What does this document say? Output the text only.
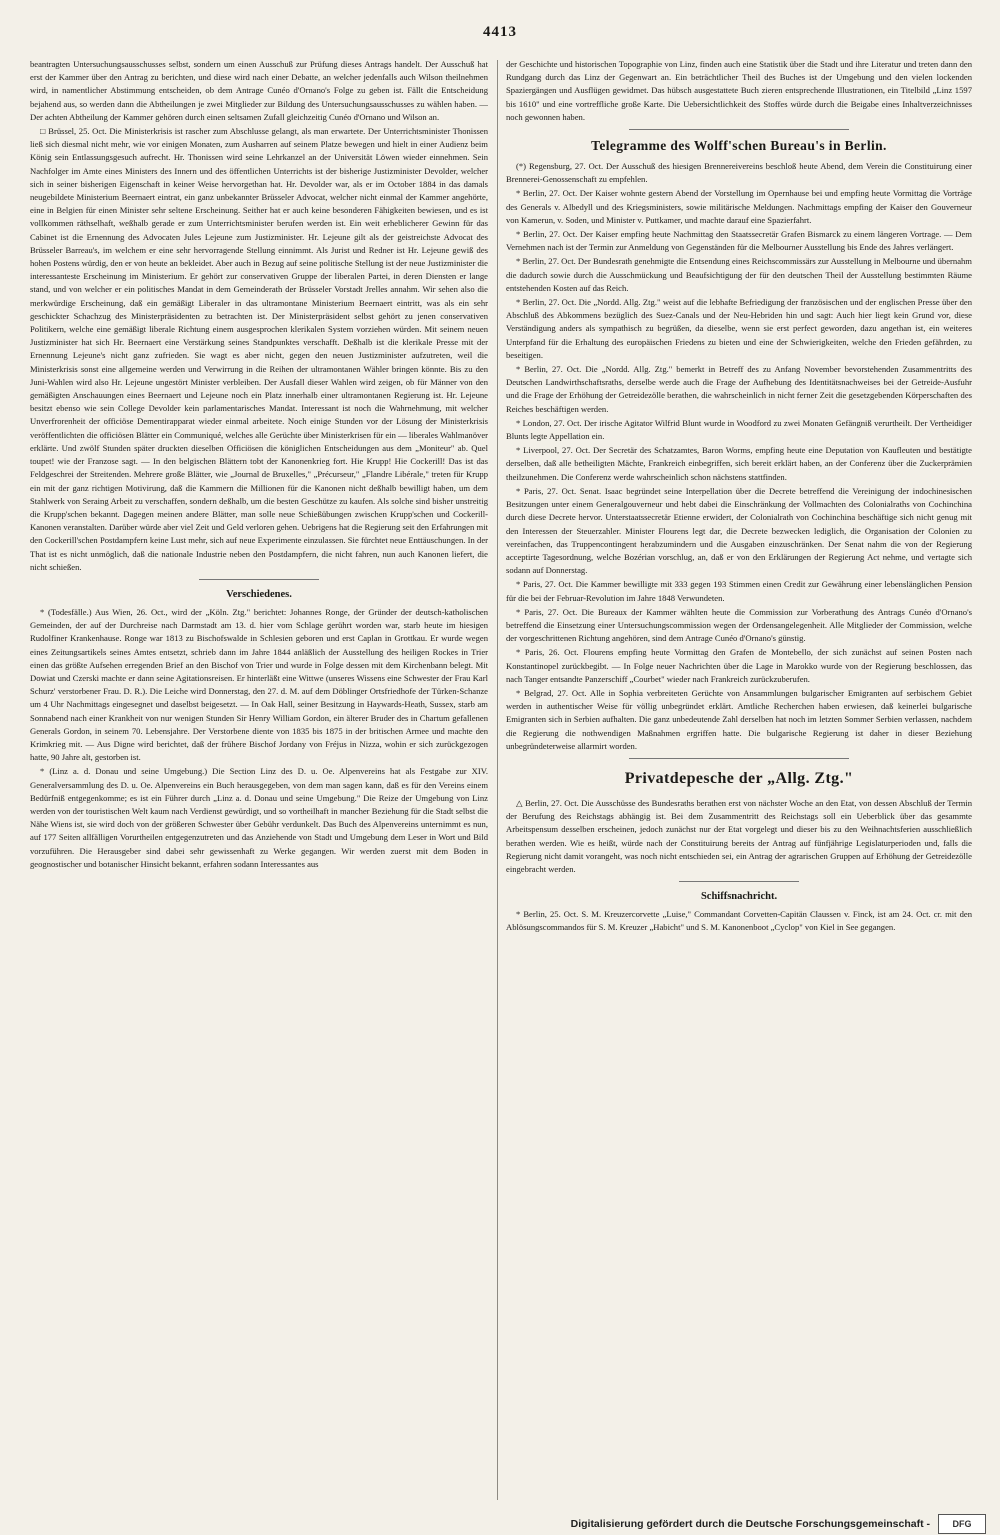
4413

beantragten Untersuchungsausschusses selbst, sondern um einen Ausschuß zur Prüfung dieses Antrags handelt. Der Ausschuß hat erst der Kammer über den Antrag zu berichten, und diese wird nach einer Debatte, an welcher jedenfalls auch Wilson theilnehmen wird, in namentlicher Abstimmung entscheiden, ob dem Antrage Cunéo d'Ornano's Folge zu geben ist. Fällt die Entscheidung bejahend aus, so werden dann die Abtheilungen je zwei Mitglieder zur Bildung des Untersuchungsausschusses zu wählen haben. — Der achten Abtheilung der Kammer gehören durch einen seltsamen Zufall gleichzeitig Cunéo d'Ornano und Wilson an.

□ Brüssel, 25. Oct. Die Ministerkrisis ist rascher zum Abschlusse gelangt, als man erwartete. Der Unterrichtsminister Thonissen ließ sich diesmal nicht mehr, wie vor einigen Monaten, zum Ausharren auf seinem Platze bewegen und hielt in einer Audienz beim König sein Entlassungsgesuch aufrecht. Hr. Thonissen wird seine Lehrkanzel an der Universität Löwen wieder einnehmen. Sein Nachfolger im Amte eines Ministers des Innern und des öffentlichen Unterrichts ist der bisherige Justizminister Devolder, welcher sich in seiner bisherigen Eigenschaft in keiner Weise hervorgethan hat. Hr. Devolder war, als er im October 1884 in das damals neugebildete Ministerium Beernaert eintrat, ein ganz unbekannter Brüsseler Advocat, welcher nicht einmal der Kammer angehörte, eine in Belgien für einen Minister sehr seltene Erscheinung. Seither hat er auch keine besonderen Fähigkeiten bewiesen, und es ist vollkommen räthselhaft, weßhalb gerade er zum Unterrichtsminister berufen werden ist. Ein weit erheblicherer Gewinn für das Cabinet ist die Ernennung des Advocaten Jules Lejeune zum Justizminister. Hr. Lejeune gilt als der geistreichste Advocat des Brüsseler Barreau's, im welchem er eine sehr hervorragende Stellung einnimmt. Als Jurist und Redner ist Hr. Lejeune gewiß des hohen Postens würdig, den er von heute an bekleidet. Aber auch in Bezug auf seine politische Stellung ist der neue Justizminister die interessanteste Erscheinung im Ministerium. Er gehört zur conservativen Gruppe der liberalen Partei, in deren Diensten er lange stand, und von welcher er ein politisches Mandat in dem Gemeinderath der Brüsseler Vorstadt Jrelles annahm. Wir sehen also die merkwürdige Erscheinung, daß ein gemäßigt Liberaler in das ultramontane Ministerium Beernaert eintritt, was als ein sehr geschickter Schachzug des Ministerpräsidenten zu betrachten ist. Der Ministerpräsident selbst gehört zu jenen conservativen Politikern, welche eine gemäßigt liberale Richtung einem ausgesprochen klerikalen System vorziehen würden. Mit seinem neuen Justizminister hat sich Hr. Beernaert eine Verstärkung seines Standpunktes verschafft. Deßhalb ist die klerikale Presse mit der Ernennung Lejeune's nicht ganz zufrieden. Sie wagt es aber nicht, gegen den neuen Justizminister aufzutreten, weil die Ministerkrisis sonst eine allgemeine werden und Verwirrung in die Reihen der ultramontanen Wähler bringen könnte. Bis zu den Juni-Wahlen wird also Hr. Lejeune ungestört Minister verbleiben. Der Ausfall dieser Wahlen wird zeigen, ob für Männer von den gemäßigten Anschauungen eines Beernaert und Lejeune noch ein Platz innerhalb einer ultramontanen Regierung ist. Hr. Lejeune besitzt ebenso wie sein College Devolder kein parlamentarisches Mandat. Interessant ist noch die Wahrnehmung, mit welcher Unverfrorenheit der officiöse Dementirapparat wieder einmal arbeitete. Noch einige Stunden vor der Lösung der Ministerkrisis veröffentlichten die officiösen Blätter ein Communiqué, welches alle Gerüchte über Ministerkrisen für ein — liberales Wahlmanöver erklärte. Und zwölf Stunden später druckten dieselben Officiösen die königlichen Entscheidungen aus dem „Moniteur" ab. Quel toupet! wie der Franzose sagt. — In den belgischen Blättern tobt der Kanonenkrieg fort. Hie Krupp! Hie Cockerill! Das ist das Feldgeschrei der Streitenden. Mehrere große Blätter, wie „Journal de Bruxelles," „Précurseur," „Flandre Libérale," treten für Krupp ein mit der ganz richtigen Motivirung, daß die Kammern die Millionen für die Kanonen nicht deßhalb bewilligt haben, um dem Stahlwerk von Seraing Arbeit zu verschaffen, sondern deßhalb, um die besten Geschütze zu kaufen. Als solche sind bisher unstreitig die Krupp'schen bekannt. Dagegen meinen andere Blätter, man solle neue Schießübungen zwischen Krupp'schen und Cockerill-Kanonen veranstalten. Darüber würde aber viel Zeit und Geld verloren gehen. Uebrigens hat die Regierung seit den Erfahrungen mit den Cockerill'schen Postdampfern keine Lust mehr, sich auf neue Experimente einzulassen. Sie fürchtet neue Enttäuschungen. In der That ist es nicht unmöglich, daß die nationale Industrie neben den Postdampfern, die nicht fahren, nun auch Kanonen liefert, die nicht schießen.

Verschiedenes.

* (Todesfälle.) Aus Wien, 26. Oct., wird der „Köln. Ztg." berichtet: Johannes Ronge, der Gründer der deutsch-katholischen Gemeinden, der auf der Durchreise nach Darmstadt am 13. d. hier vom Schlage gerührt worden war, starb heute im hiesigen Rudolfiner Krankenhause. Ronge war 1813 zu Bischofswalde in Schlesien geboren und erst Caplan in Grottkau. Er wurde wegen eines Zeitungsartikels seines Amtes entsetzt, schrieb dann im Jahre 1844 anläßlich der Ausstellung des heiligen Rockes in Trier einen das größte Aufsehen erregenden Brief an den Bischof von Trier und wurde in Folge dessen mit dem Kirchenbann belegt. Mit Dowiat und Czerski machte er dann seine Agitationsreisen. Er hinterläßt eine Wittwe (unseres Wissens eine Schwester der Frau Karl Schurz' verstorbener Frau. D. R.). Die Leiche wird Donnerstag, den 27. d. M. auf dem Döblinger Ortsfriedhofe der Türken-Schanze um 4 Uhr Nachmittags eingesegnet und daselbst beigesetzt. — In Oak Hall, seiner Besitzung in Haywards-Heath, Sussex, starb am Sonnabend nach einer Krankheit von nur wenigen Stunden Sir Henry William Gordon, ein älterer Bruder des in Chartum gefallenen Generals Gordon, in seinem 70. Lebensjahre. Der Verstorbene diente von 1835 bis 1875 in der britischen Armee und machte den Krimkrieg mit. — Aus Digne wird berichtet, daß der frühere Bischof Jordany von Fréjus in Nizza, wohin er sich zurückgezogen hatte, 90 Jahre alt, gestorben ist.

* (Linz a. d. Donau und seine Umgebung.) Die Section Linz des D. u. Oe. Alpenvereins hat als Festgabe zur XIV. Generalversammlung des D. u. Oe. Alpenvereins ein Buch herausgegeben, von dem man sagen kann, daß es für den Vereins einem Bedürfniß entgegenkomme; es ist ein Führer durch „Linz a. d. Donau und seine Umgebung." Die Reize der Umgebung von Linz werden von der touristischen Welt kaum nach Verdienst gewürdigt, und so vortheilhaft in mancher Beziehung für die Stadt selbst die Nähe Wiens ist, sie wird doch von der größeren Schwester über Gebühr verdunkelt. Das Buch des Alpenvereins unternimmt es nun, auf 177 Seiten allfälligen Vorurtheilen entgegenzutreten und das Anziehende von Stadt und Umgebung dem Leser in Wort und Bild vorzuführen. Die Herausgeber sind dabei sehr gewissenhaft zu Werke gegangen. Wir werden zuerst mit dem Boden in geognostischer und botanischer Hinsicht bekannt, erfahren sodann Interessantes aus

der Geschichte und historischen Topographie von Linz, finden auch eine Statistik über die Stadt und ihre Literatur und treten dann den Rundgang durch das Linz der Gegenwart an. Ein beträchtlicher Theil des Buches ist der Umgebung und den vielen lockenden Spaziergängen und Ausflügen gewidmet. Das hübsch ausgestattete Buch zieren entsprechende Illustrationen, ein Titelbild „Linz 1597 bis 1610" und eine vortreffliche große Karte. Die Uebersichtlichkeit des Stoffes würde durch die Beigabe eines Inhaltverzeichnisses noch gewonnen haben.

Telegramme des Wolff'schen Bureau's in Berlin.

(*) Regensburg, 27. Oct. Der Ausschuß des hiesigen Brennereivereins beschloß heute Abend, dem Verein die Constituirung einer Brennerei-Genossenschaft zu empfehlen.

* Berlin, 27. Oct. Der Kaiser wohnte gestern Abend der Vorstellung im Opernhause bei und empfing heute Vormittag die Vorträge des Generals v. Albedyll und des Kriegsministers, sowie militärische Meldungen. Nachmittags empfing der Kaiser den Gouverneur von Kamerun, v. Soden, und Minister v. Puttkamer, und machte darauf eine Spazierfahrt.

* Berlin, 27. Oct. Der Kaiser empfing heute Nachmittag den Staatssecretär Grafen Bismarck zu einem längeren Vortrage. — Dem Vernehmen nach ist der Termin zur Anmeldung von Gegenständen für die Melbourner Ausstellung bis Ende des Jahres verlängert.

* Berlin, 27. Oct. Der Bundesrath genehmigte die Entsendung eines Reichscommissärs zur Ausstellung in Melbourne und übernahm die dadurch sowie durch die Ausschmückung und Beaufsichtigung der für den deutschen Theil der Ausstellung bestimmten Räume entstehenden Kosten auf das Reich.

* Berlin, 27. Oct. Die „Nordd. Allg. Ztg." weist auf die lebhafte Befriedigung der französischen und der englischen Presse über den Abschluß des Abkommens bezüglich des Suez-Canals und der Neu-Hebriden hin und sagt: Auch hier liegt kein Grund vor, diese Verständigung anders als sympathisch zu begrüßen, da dieselbe, wenn sie erst perfect geworden, dazu angethan ist, ein weiteres Unterpfand für die Erhaltung des europäischen Friedens zu bieten und eine der Schwierigkeiten, welche den Frieden gefährden, zu beseitigen.

* Berlin, 27. Oct. Die „Nordd. Allg. Ztg." bemerkt in Betreff des zu Anfang November bevorstehenden Zusammentritts des Deutschen Landwirthschaftsraths, derselbe werde auch die Frage der Aufhebung des Identitätsnachweises bei der Getreide-Ausfuhr und die Frage der Erhöhung der Getreidezölle berathen, die wahrscheinlich in nicht ferner Zeit die gesetzgebenden Körperschaften des Reiches beschäftigen werden.

* London, 27. Oct. Der irische Agitator Wilfrid Blunt wurde in Woodford zu zwei Monaten Gefängniß verurtheilt. Der Vertheidiger Blunts legte Appellation ein.

* Liverpool, 27. Oct. Der Secretär des Schatzamtes, Baron Worms, empfing heute eine Deputation von Kaufleuten und bestätigte derselben, daß alle betheiligten Mächte, Frankreich einbegriffen, sich bereit erklärt haben, an der Conferenz über die Zuckerprämien theilzunehmen. Die Conferenz werde wahrscheinlich schon nächstens stattfinden.

* Paris, 27. Oct. Senat. Isaac begründet seine Interpellation über die Decrete betreffend die Vereinigung der indochinesischen Besitzungen unter einem Generalgouverneur und hebt dabei die Einschränkung der Vollmachten des Colonialraths von Cochinchina durch diese Decrete hervor. Unterstaatssecretär Etienne erwidert, der Colonialrath von Cochinchina beschäftige sich nicht genug mit den Interessen der Steuerzahler. Minister Flourens legt dar, die Decrete bezwecken lediglich, die Organisation der Colonien zu vereinfachen, das Truppencontingent herabzumindern und die Ausgaben einzuschränken. Der Senat nahm die von der Regierung acceptirte Tagesordnung, welche Bozérian vorschlug, an, daß er von den Erklärungen der Regierung Act nehme, und vertagte sich sodann auf Donnerstag.

* Paris, 27. Oct. Die Kammer bewilligte mit 333 gegen 193 Stimmen einen Credit zur Gewährung einer lebenslänglichen Pension für die bei der Februar-Revolution im Jahre 1848 Verwundeten.

* Paris, 27. Oct. Die Bureaux der Kammer wählten heute die Commission zur Vorberathung des Antrags Cunéo d'Ornano's betreffend die Einsetzung einer Untersuchungscommission wegen der Ordensangelegenheit. Alle Mitglieder der Commission, welche der vorgeschrittenen Richtung angehören, sind dem Antrage Cunéo d'Ornano's günstig.

* Paris, 26. Oct. Flourens empfing heute Vormittag den Grafen de Montebello, der sich zunächst auf seinen Posten nach Konstantinopel zurückbegibt. — In Folge neuer Nachrichten über die Lage in Marokko wurde von der Regierung beschlossen, das nach Tanger entsandte Panzerschiff „Courbet" wieder nach Frankreich zurückzuberufen.

* Belgrad, 27. Oct. Alle in Sophia verbreiteten Gerüchte von Ansammlungen bulgarischer Emigranten auf serbischem Gebiet werden in authentischer Weise für völlig unbegründet erklärt. Amtliche Recherchen haben erwiesen, daß keinerlei bulgarische Emigranten sich in Serbien aufhalten. Die ganz unbedeutende Zahl derselben hat noch im letzten Sommer Serbien verlassen, nachdem die Regierung die nothwendigen Maßnahmen ergriffen hatte. Die bulgarische Regierung ist daher in dieser Beziehung unbegründeterweise allarmirt worden.

Privatdepesche der „Allg. Ztg."

△ Berlin, 27. Oct. Die Ausschüsse des Bundesraths berathen erst von nächster Woche an den Etat, von dessen Abschluß der Termin der Berufung des Reichstags abhängig ist. Bei dem Zusammentritt des Reichstags soll ein Ueberblick über das gesammte Arbeitspensum desselben erscheinen, jedoch zunächst nur der Etat vorgelegt und dieser bis zu den Weihnachtsferien ausschließlich berathen werden. Wie es heißt, würde nach der Constituirung bereits der Antrag auf fünfjährige Legislaturperioden und, falls die Regierung nicht damit vorangeht, was noch nicht entschieden sei, ein Antrag der agrarischen Gruppen auf Erhöhung der Getreidezölle eingebracht werden.

Schiffsnachricht.

* Berlin, 25. Oct. S. M. Kreuzercorvette „Luise," Commandant Corvetten-Capitän Claussen v. Finck, ist am 24. Oct. cr. mit den Ablösungscommandos für S. M. Kreuzer „Habicht" und S. M. Kanonenboot „Cyclop" von Kiel in See gegangen.

Digitalisierung gefördert durch die Deutsche Forschungsgemeinschaft -	DFG
